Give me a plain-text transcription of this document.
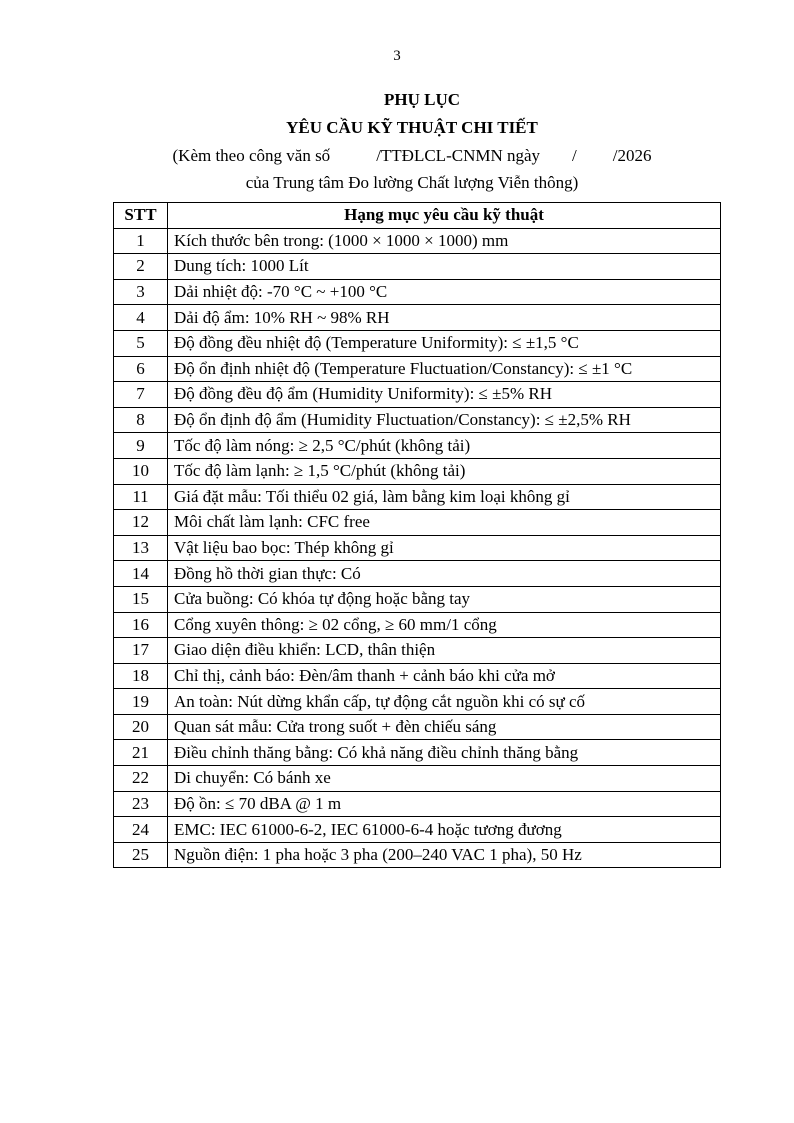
3
PHỤ LỤC
YÊU CẦU KỸ THUẬT CHI TIẾT
(Kèm theo công văn số	/TTĐLCL-CNMN ngày / /2026
của Trung tâm Đo lường Chất lượng Viễn thông)
STT	Hạng mục yêu cầu kỹ thuật
1	Kích thước bên trong: (1000 × 1000 × 1000) mm
2	Dung tích: 1000 Lít
3	Dải nhiệt độ: -70 °C ~ +100 °C
4	Dải độ ẩm: 10% RH ~ 98% RH
5	Độ đồng đều nhiệt độ (Temperature Uniformity): ≤ ±1,5 °C
6	Độ ổn định nhiệt độ (Temperature Fluctuation/Constancy): ≤ ±1 °C
7	Độ đồng đều độ ẩm (Humidity Uniformity): ≤ ±5% RH
8	Độ ổn định độ ẩm (Humidity Fluctuation/Constancy): ≤ ±2,5% RH
9	Tốc độ làm nóng: ≥ 2,5 °C/phút (không tải)
10	Tốc độ làm lạnh: ≥ 1,5 °C/phút (không tải)
11	Giá đặt mẫu: Tối thiểu 02 giá, làm bằng kim loại không gỉ
12	Môi chất làm lạnh: CFC free
13	Vật liệu bao bọc: Thép không gỉ
14	Đồng hồ thời gian thực: Có
15	Cửa buồng: Có khóa tự động hoặc bằng tay
16	Cổng xuyên thông: ≥ 02 cổng, ≥ 60 mm/1 cổng
17	Giao diện điều khiển: LCD, thân thiện
18	Chỉ thị, cảnh báo: Đèn/âm thanh + cảnh báo khi cửa mở
19	An toàn: Nút dừng khẩn cấp, tự động cắt nguồn khi có sự cố
20	Quan sát mẫu: Cửa trong suốt + đèn chiếu sáng
21	Điều chỉnh thăng bằng: Có khả năng điều chỉnh thăng bằng
22	Di chuyển: Có bánh xe
23	Độ ồn: ≤ 70 dBA @ 1 m
24	EMC: IEC 61000-6-2, IEC 61000-6-4 hoặc tương đương
25	Nguồn điện: 1 pha hoặc 3 pha (200–240 VAC 1 pha), 50 Hz
